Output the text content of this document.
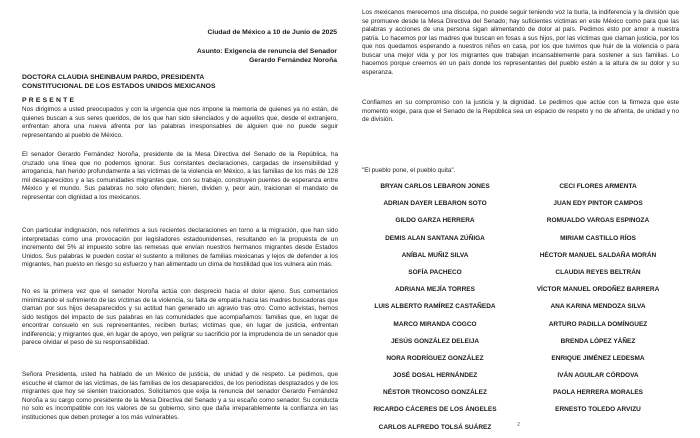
Ciudad de México a 10 de Junio de 2025
Asunto: Exigencia de renuncia del Senador
Gerardo Fernández Noroña
DOCTORA CLAUDIA SHEINBAUM PARDO, PRESIDENTA
CONSTITUCIONAL DE LOS ESTADOS UNIDOS MEXICANOS
PRESENTE

Nos dirigimos a usted preocupados y con la urgencia que nos impone la memoria de quienes ya no están, de quienes buscan a sus seres queridos, de los que han sido silenciados y de aquellos que, desde el extranjero, enfrentan ahora una nueva afrenta por las palabras irresponsables de alguien que no puede seguir representando al pueblo de México.

El senador Gerardo Fernández Noroña, presidente de la Mesa Directiva del Senado de la República, ha cruzado una línea que no podemos ignorar. Sus constantes declaraciones, cargadas de insensibilidad y arrogancia, han herido profundamente a las víctimas de la violencia en México, a las familias de los más de 128 mil desaparecidos y a las comunidades migrantes que, con su trabajo, construyen puentes de esperanza entre México y el mundo. Sus palabras no solo ofenden; hieren, dividen y, peor aún, traicionan el mandato de representar con dignidad a los mexicanos.

Con particular indignación, nos referimos a sus recientes declaraciones en torno a la migración, que han sido interpretadas como una provocación por legisladores estadounidenses, resultando en la propuesta de un incremento del 5% al impuesto sobre las remesas que envían nuestros hermanos migrantes desde Estados Unidos. Sus palabras le pueden costar el sustento a millones de familias mexicanas y lejos de defender a los migrantes, han puesto en riesgo su esfuerzo y han alimentado un clima de hostilidad que los vulnera aún más.

No es la primera vez que el senador Noroña actúa con desprecio hacia el dolor ajeno. Sus comentarios minimizando el sufrimiento de las víctimas de la violencia, su falta de empatía hacia las madres buscadoras que claman por sus hijos desaparecidos y su actitud han generado un agravio tras otro. Como activistas, hemos sido testigos del impacto de sus palabras en las comunidades que acompañamos: familias que, en lugar de encontrar consuelo en sus representantes, reciben burlas; víctimas que, en lugar de justicia, enfrentan indiferencia; y migrantes que, en lugar de apoyo, ven peligrar su sacrificio por la imprudencia de un senador que parece olvidar el peso de su responsabilidad.

Señora Presidenta, usted ha hablado de un México de justicia, de unidad y de respeto. Le pedimos, que escuche el clamor de las víctimas, de las familias de los desaparecidos, de los periodistas desplazados y de los migrantes que hoy se sienten traicionados. Solicitamos que exija la renuncia del senador Gerardo Fernández Noroña a su cargo como presidente de la Mesa Directiva del Senado y a su escaño como senador. Su conducta no solo es incompatible con los valores de su gobierno, sino que daña irreparablemente la confianza en las instituciones que deben proteger a los más vulnerables.

Los mexicanos merecemos una disculpa, no puede seguir teniendo voz la burla, la indiferencia y la división que se promueve desde la Mesa Directiva del Senado; hay suficientes víctimas en este México como para que las palabras y acciones de una persona sigan alimentando de dolor al país. Pedimos esto por amor a nuestra patria. Lo hacemos por las madres que buscan en fosas a sus hijos, por las víctimas que claman justicia, por los que nos quedamos esperando a nuestros niños en casa, por los que tuvimos que huir de la violencia o para buscar una mejor vida y por los migrantes que trabajan incansablemente para sostener a sus familias. Lo hacemos porque creemos en un país donde los representantes del pueblo estén a la altura de su dolor y su esperanza.

Confiamos en su compromiso con la justicia y la dignidad. Le pedimos que actúe con la firmeza que este momento exige, para que el Senado de la República sea un espacio de respeto y no de afrenta, de unidad y no de división.

"El pueblo pone, el pueblo quita".
BRYAN CARLOS LEBARON JONES
ADRIAN DAYER LEBARON SOTO
GILDO GARZA HERRERA
DEMIS ALAN SANTANA ZÚÑIGA
ANÍBAL MUÑIZ SILVA
SOFÍA PACHECO
ADRIANA MEJÍA TORRES
LUIS ALBERTO RAMÍREZ CASTAÑEDA
MARCO MIRANDA COGCO
JESÚS GONZÁLEZ DELEIJA
NORA RODRÍGUEZ GONZÁLEZ
JOSÉ DOSAL HERNÁNDEZ
NÉSTOR TRONCOSO GONZÁLEZ
RICARDO CÁCERES DE LOS ÁNGELES
CARLOS ALFREDO TOLSÁ SUÁREZ
CECI FLORES ARMENTA
JUAN EDY PINTOR CAMPOS
ROMUALDO VARGAS ESPINOZA
MIRIAM CASTILLO RÍOS
HÉCTOR MANUEL SALDAÑA MORÁN
CLAUDIA REYES BELTRÁN
VÍCTOR MANUEL ORDOÑEZ BARRERA
ANA KARINA MENDOZA SILVA
ARTURO PADILLA DOMÍNGUEZ
BRENDA LÓPEZ YÁÑEZ
ENRIQUE JIMÉNEZ LEDESMA
IVÁN AGUILAR CÓRDOVA
PAOLA HERRERA MORALES
ERNESTO TOLEDO ARVIZU
2
